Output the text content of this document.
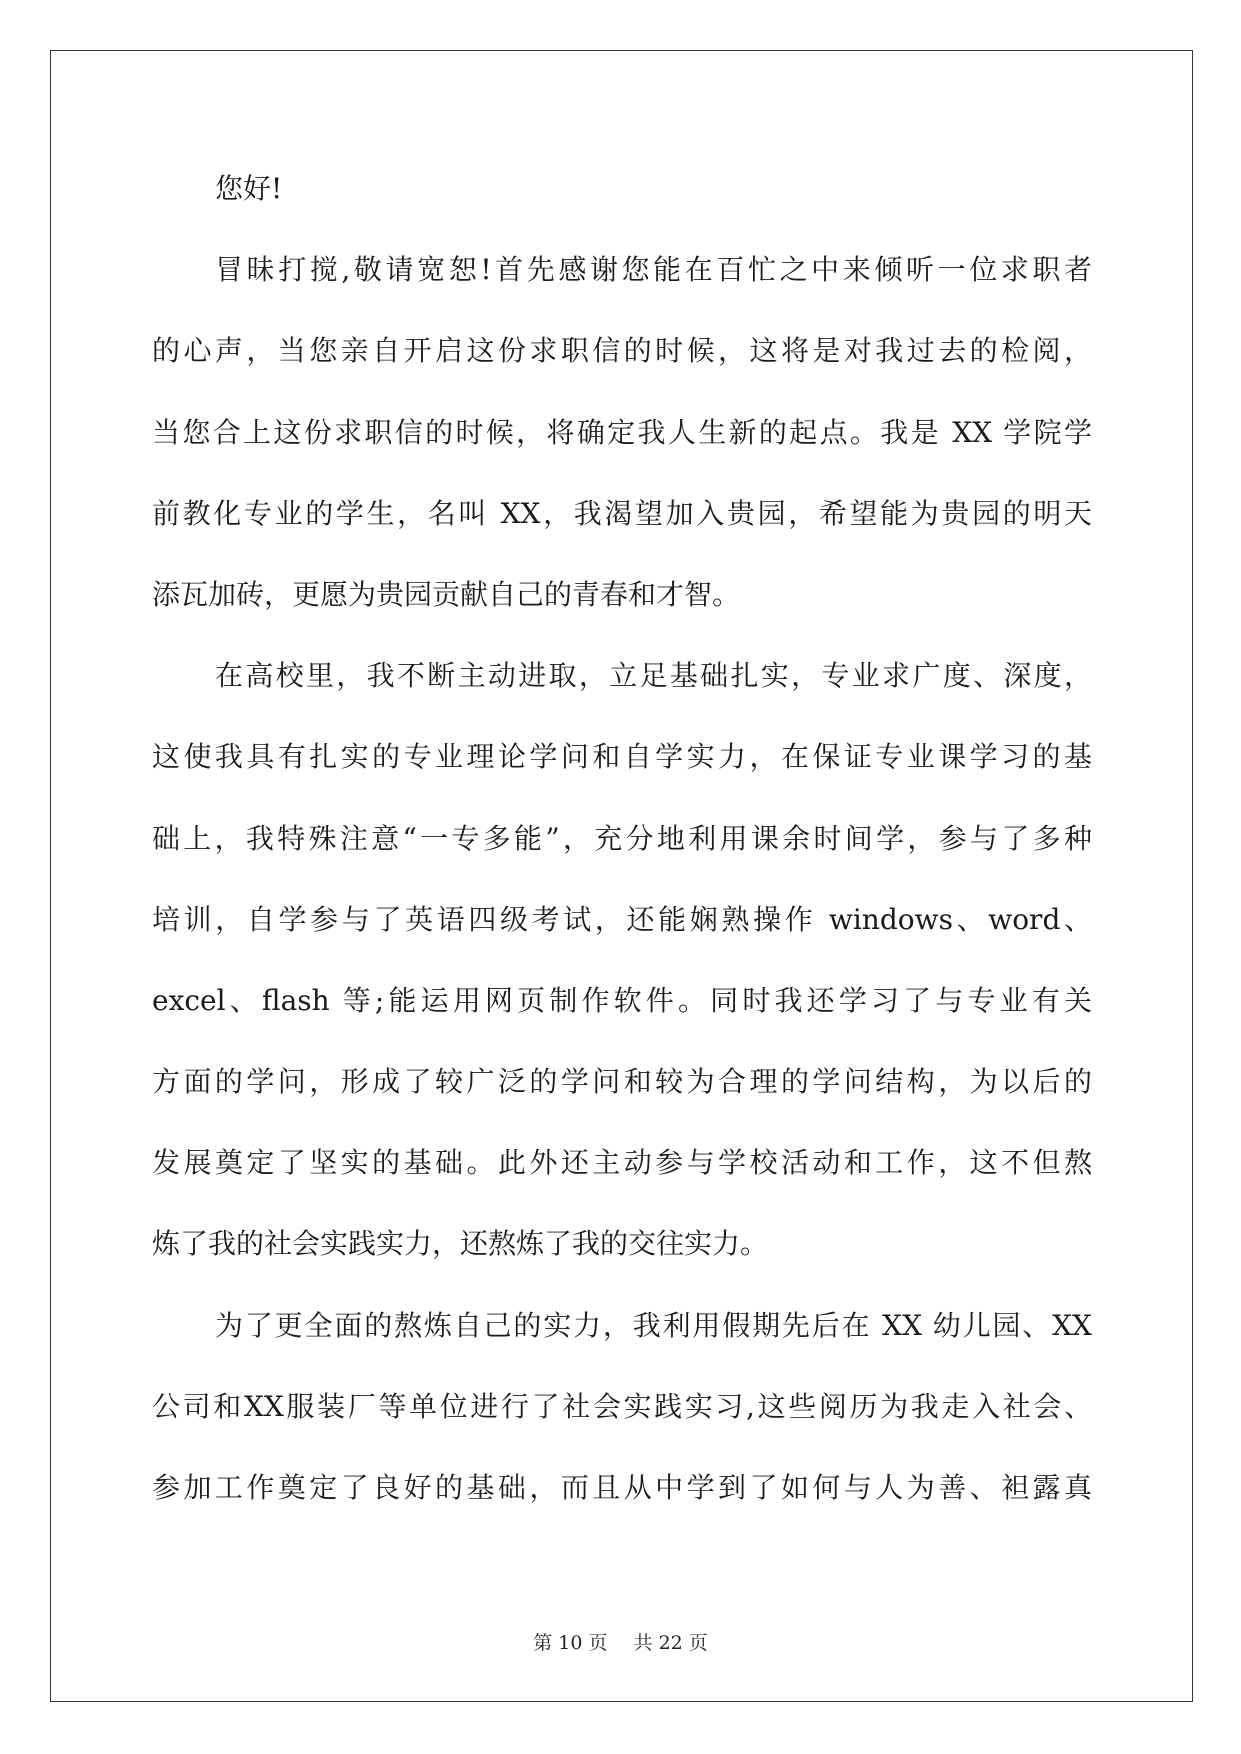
您好!
冒昧打搅,敬请宽恕!首先感谢您能在百忙之中来倾听一位求职者
的心声，当您亲自开启这份求职信的时候，这将是对我过去的检阅，
当您合上这份求职信的时候，将确定我人生新的起点。我是 XX 学院学
前教化专业的学生，名叫 XX，我渴望加入贵园，希望能为贵园的明天
添瓦加砖，更愿为贵园贡献自己的青春和才智。
在高校里，我不断主动进取，立足基础扎实，专业求广度、深度，
这使我具有扎实的专业理论学问和自学实力，在保证专业课学习的基
础上，我特殊注意“一专多能”，充分地利用课余时间学，参与了多种
培训，自学参与了英语四级考试，还能娴熟操作 windows、word、
excel、flash 等;能运用网页制作软件。同时我还学习了与专业有关
方面的学问，形成了较广泛的学问和较为合理的学问结构，为以后的
发展奠定了坚实的基础。此外还主动参与学校活动和工作，这不但熬
炼了我的社会实践实力，还熬炼了我的交往实力。
为了更全面的熬炼自己的实力，我利用假期先后在 XX 幼儿园、XX
公司和XX服装厂等单位进行了社会实践实习,这些阅历为我走入社会、
参加工作奠定了良好的基础，而且从中学到了如何与人为善、袒露真
第 10 页 共 22 页
